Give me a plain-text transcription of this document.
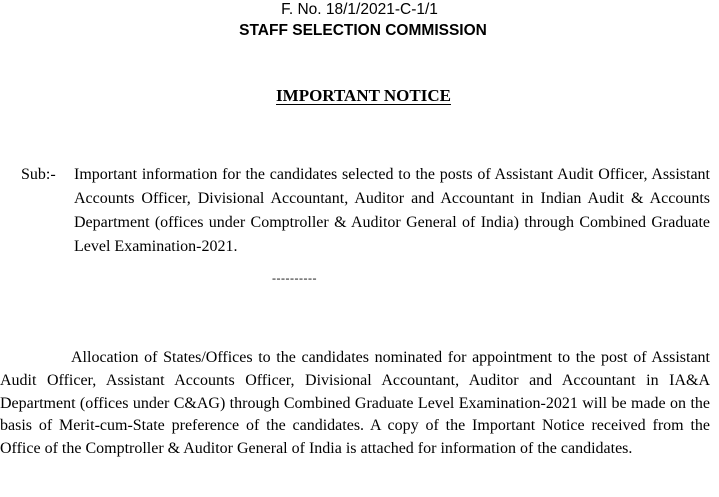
F. No. 18/1/2021-C-1/1
STAFF SELECTION COMMISSION
IMPORTANT NOTICE
Sub:- Important information for the candidates selected to the posts of Assistant Audit Officer, Assistant Accounts Officer, Divisional Accountant, Auditor and Accountant in Indian Audit & Accounts Department (offices under Comptroller & Auditor General of India) through Combined Graduate Level Examination-2021.
----------
Allocation of States/Offices to the candidates nominated for appointment to the post of Assistant Audit Officer, Assistant Accounts Officer, Divisional Accountant, Auditor and Accountant in IA&A Department (offices under C&AG) through Combined Graduate Level Examination-2021 will be made on the basis of Merit-cum-State preference of the candidates. A copy of the Important Notice received from the Office of the Comptroller & Auditor General of India is attached for information of the candidates.
